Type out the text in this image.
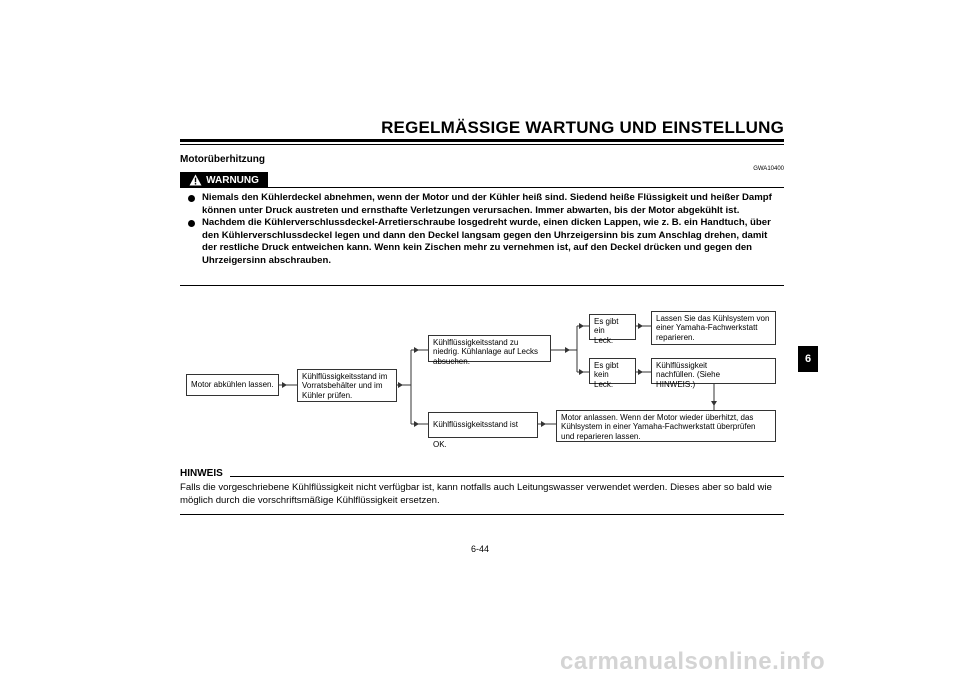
REGELMÄSSIGE WARTUNG UND EINSTELLUNG
Motorüberhitzung
GWA10400
WARNUNG
Niemals den Kühlerdeckel abnehmen, wenn der Motor und der Kühler heiß sind. Siedend heiße Flüssigkeit und heißer Dampf können unter Druck austreten und ernsthafte Verletzungen verursachen. Immer abwarten, bis der Motor abgekühlt ist.
Nachdem die Kühlerverschlussdeckel-Arretierschraube losgedreht wurde, einen dicken Lappen, wie z. B. ein Handtuch, über den Kühlerverschlussdeckel legen und dann den Deckel langsam gegen den Uhrzeigersinn bis zum Anschlag drehen, damit der restliche Druck entweichen kann. Wenn kein Zischen mehr zu vernehmen ist, auf den Deckel drücken und gegen den Uhrzeigersinn abschrauben.
Motor abkühlen lassen.
Kühlflüssigkeitsstand im Vorratsbehälter und im Kühler prüfen.
Kühlflüssigkeitsstand zu niedrig. Kühlanlage auf Lecks absuchen.
Kühlflüssigkeitsstand ist OK.
Es gibt ein Leck.
Es gibt kein Leck.
Lassen Sie das Kühlsystem von einer Yamaha-Fachwerkstatt reparieren.
Kühlflüssigkeit nachfüllen. (Siehe HINWEIS.)
Motor anlassen. Wenn der Motor wieder überhitzt, das Kühlsystem in einer Yamaha-Fachwerkstatt überprüfen und reparieren lassen.
HINWEIS
Falls die vorgeschriebene Kühlflüssigkeit nicht verfügbar ist, kann notfalls auch Leitungswasser verwendet werden. Dieses aber so bald wie möglich durch die vorschriftsmäßige Kühlflüssigkeit ersetzen.
6-44
6
carmanualsonline.info
